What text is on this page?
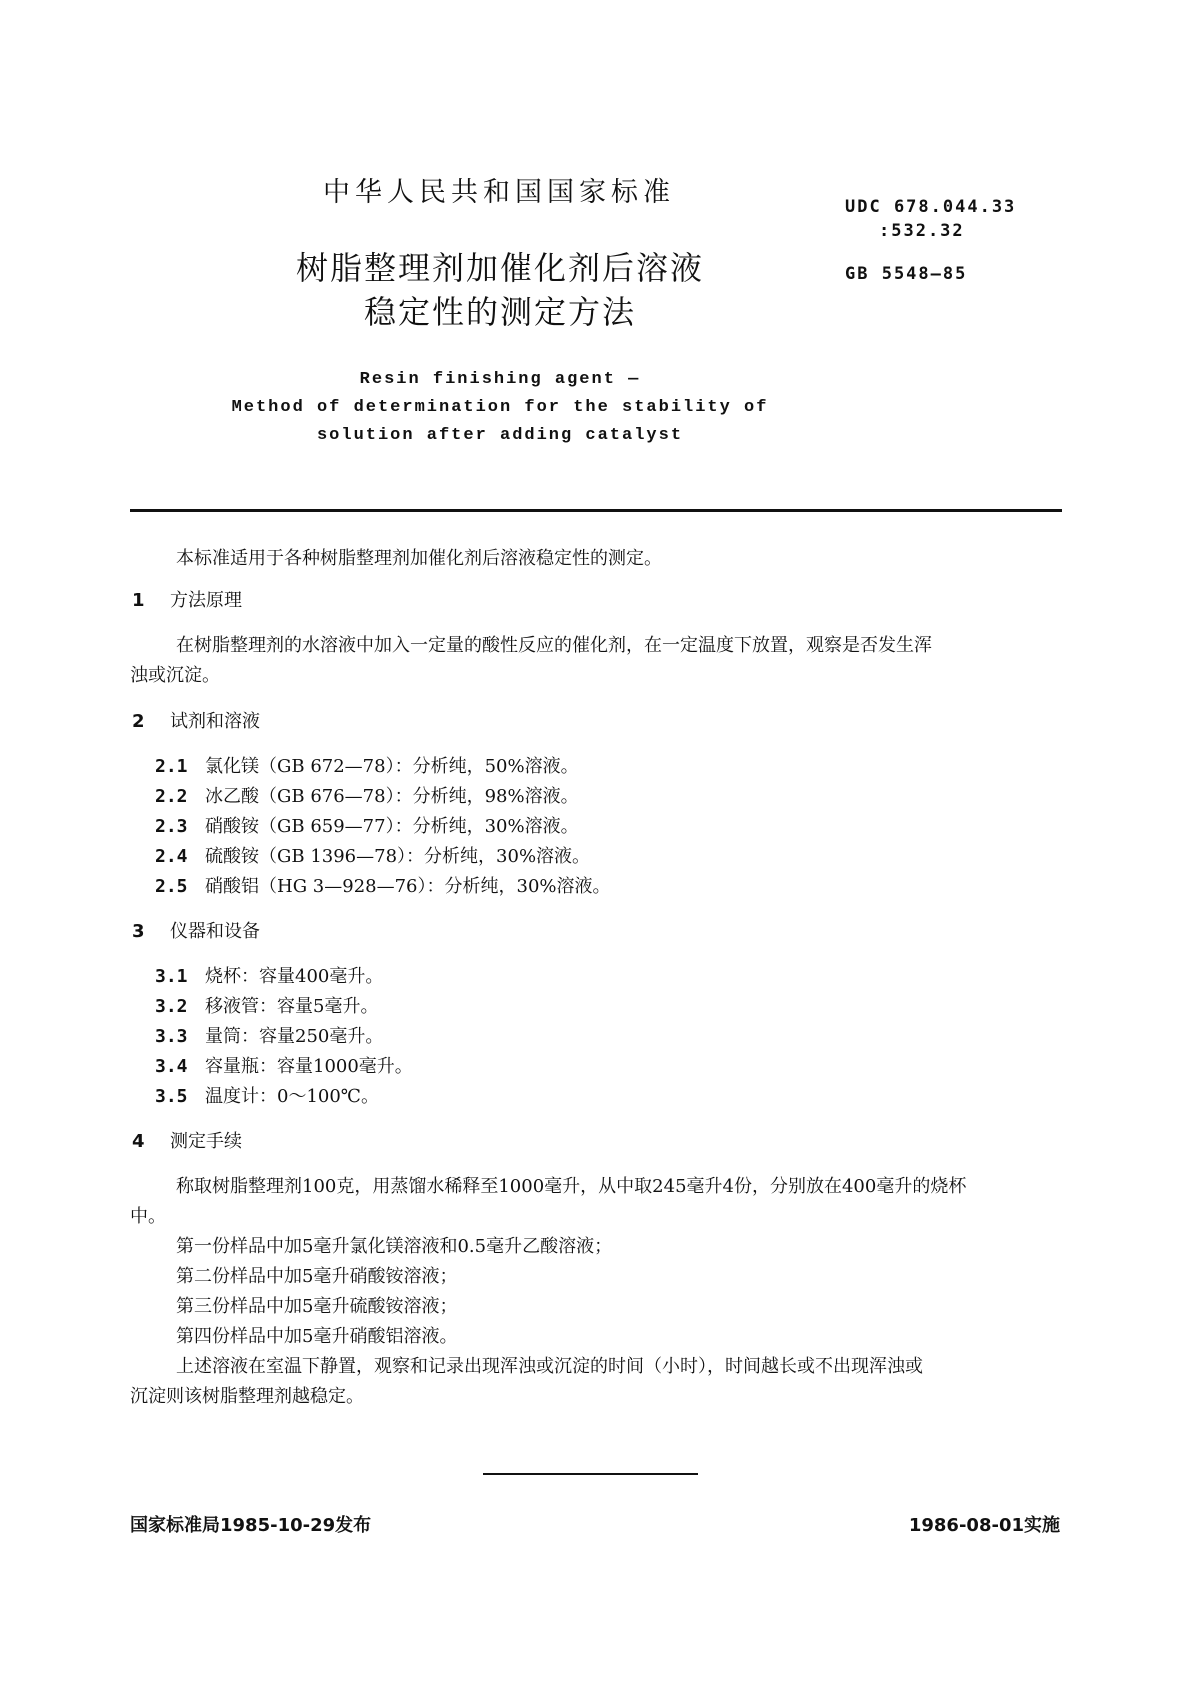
中华人民共和国国家标准	UDC 678.044.33
:532.32
GB 5548—85
树脂整理剂加催化剂后溶液
稳定性的测定方法
Resin finishing agent —
Method of determination for the stability of
solution after adding catalyst
本标准适用于各种树脂整理剂加催化剂后溶液稳定性的测定。
1 方法原理
在树脂整理剂的水溶液中加入一定量的酸性反应的催化剂，在一定温度下放置，观察是否发生浑
浊或沉淀。
2 试剂和溶液
2.1 氯化镁（GB 672—78）：分析纯，50%溶液。
2.2 冰乙酸（GB 676—78）：分析纯，98%溶液。
2.3 硝酸铵（GB 659—77）：分析纯，30%溶液。
2.4 硫酸铵（GB 1396—78）：分析纯，30%溶液。
2.5 硝酸铝（HG 3—928—76）：分析纯，30%溶液。
3 仪器和设备
3.1 烧杯：容量400毫升。
3.2 移液管：容量5毫升。
3.3 量筒：容量250毫升。
3.4 容量瓶：容量1000毫升。
3.5 温度计：0～100℃。
4 测定手续
称取树脂整理剂100克，用蒸馏水稀释至1000毫升，从中取245毫升4份，分别放在400毫升的烧杯
中。
第一份样品中加5毫升氯化镁溶液和0.5毫升乙酸溶液；
第二份样品中加5毫升硝酸铵溶液；
第三份样品中加5毫升硫酸铵溶液；
第四份样品中加5毫升硝酸铝溶液。
上述溶液在室温下静置，观察和记录出现浑浊或沉淀的时间（小时），时间越长或不出现浑浊或
沉淀则该树脂整理剂越稳定。
国家标准局1985-10-29发布	1986-08-01实施
